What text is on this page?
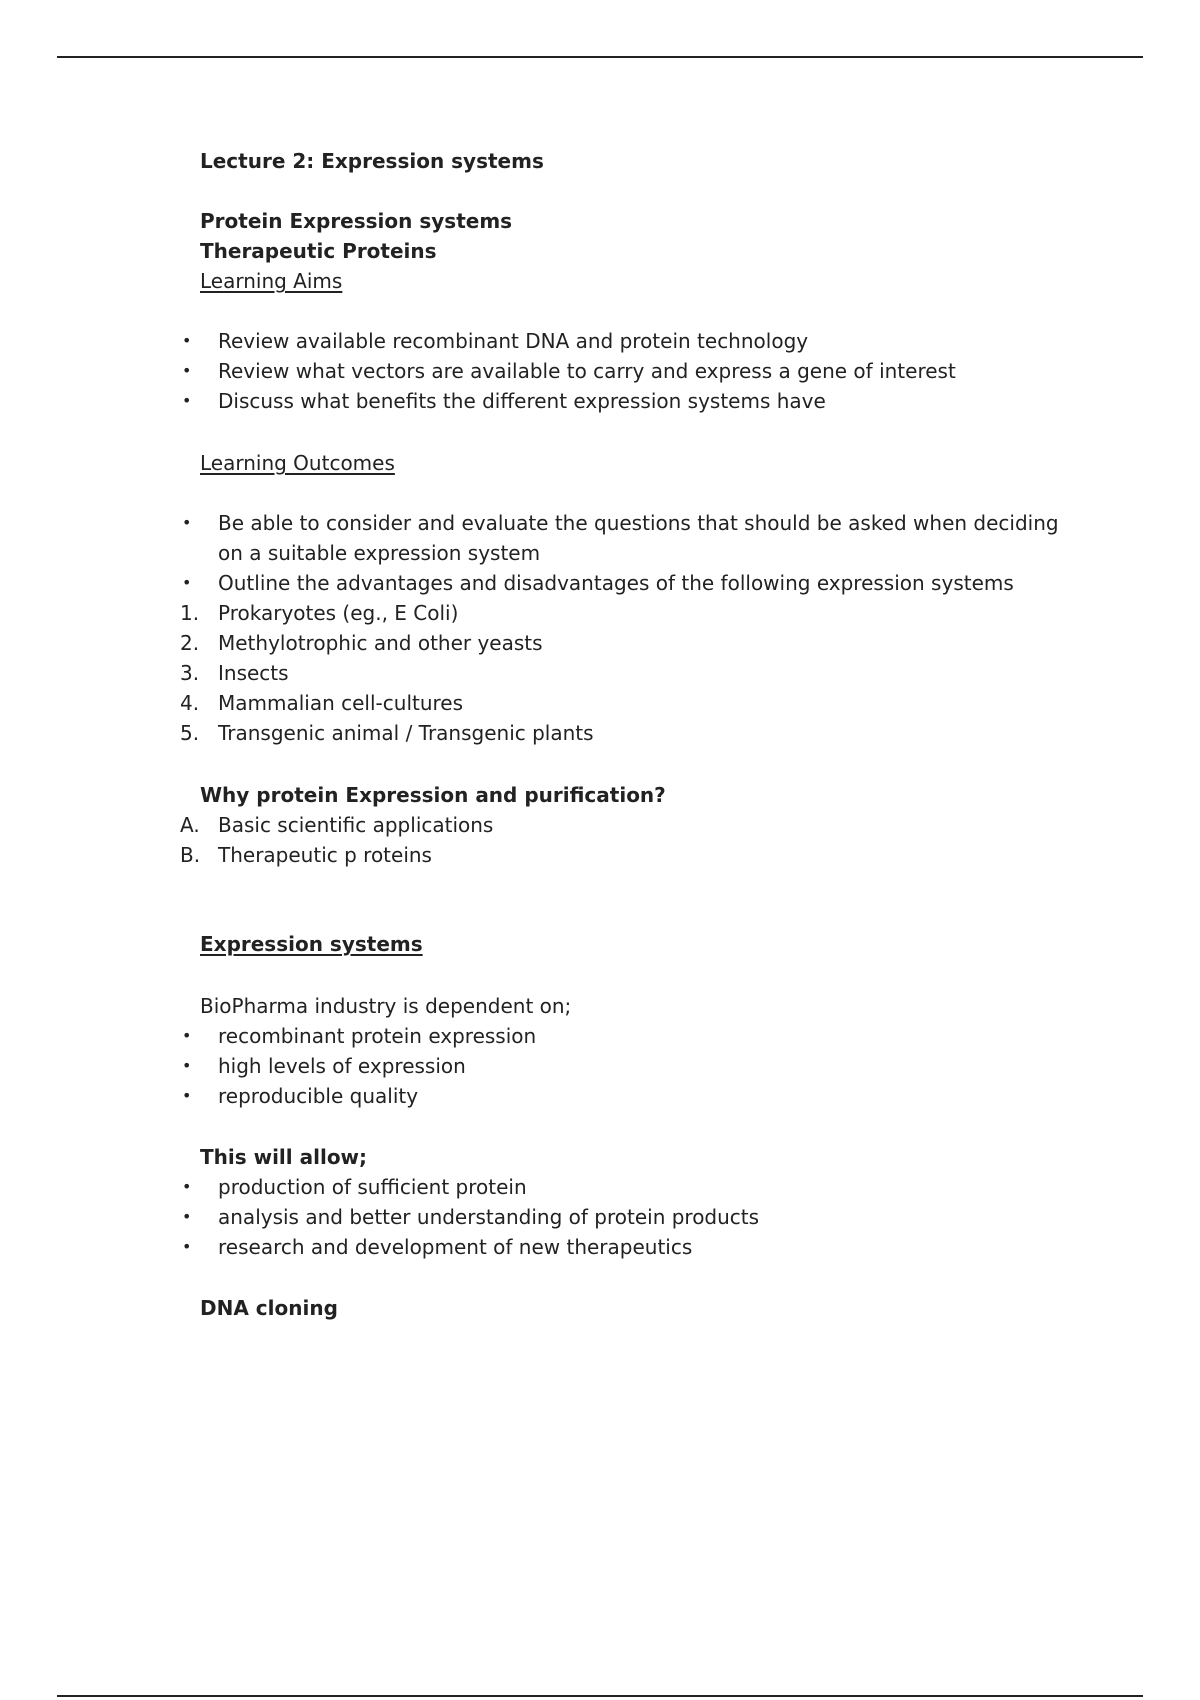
Lecture 2: Expression systems
Protein Expression systems
Therapeutic Proteins
Learning Aims
•	Review available recombinant DNA and protein technology
•	Review what vectors are available to carry and express a gene of interest
•	Discuss what benefits the different expression systems have
Learning Outcomes
•	Be able to consider and evaluate the questions that should be asked when deciding on a suitable expression system
•	Outline the advantages and disadvantages of the following expression systems
1. Prokaryotes (eg., E Coli)
2. Methylotrophic and other yeasts
3. Insects
4. Mammalian cell-cultures
5. Transgenic animal / Transgenic plants
Why protein Expression and purification?
A. Basic scientific applications
B. Therapeutic p roteins
Expression systems
BioPharma industry is dependent on;
•	recombinant protein expression
•	high levels of expression
•	reproducible quality
This will allow;
•	production of sufficient protein
•	analysis and better understanding of protein products
•	research and development of new therapeutics
DNA cloning
